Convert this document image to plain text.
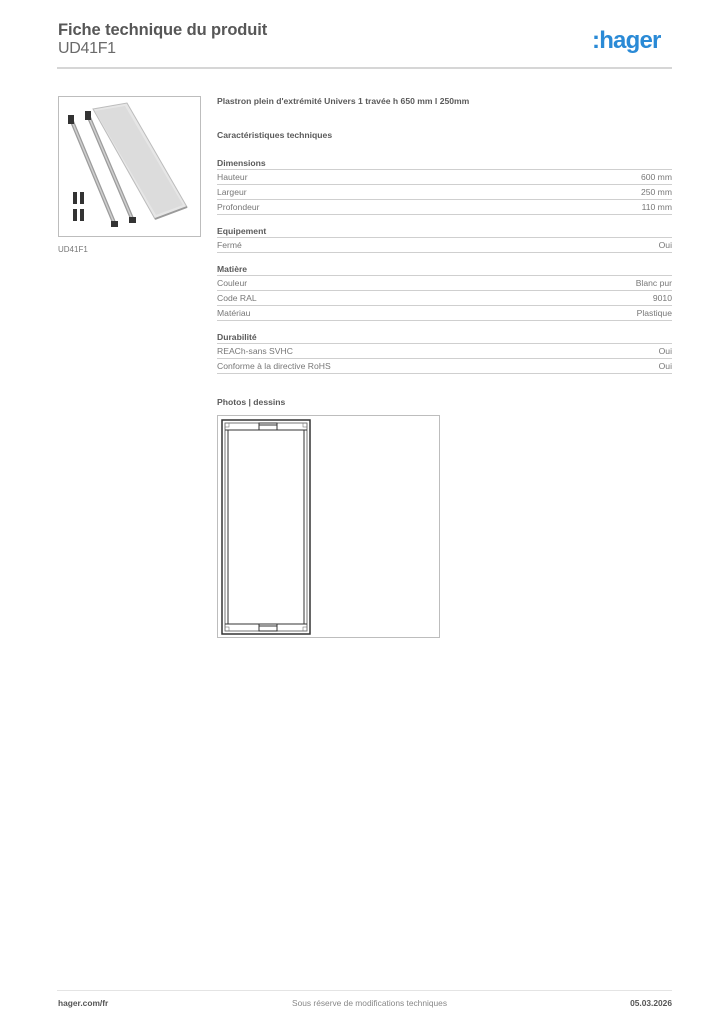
Fiche technique du produit
UD41F1	:hager
UD41F1
Plastron plein d'extrémité Univers 1 travée h 650 mm l 250mm
Caractéristiques techniques
Dimensions
Hauteur	600 mm
Largeur	250 mm
Profondeur	110 mm
Equipement
Fermé	Oui
Matière
Couleur	Blanc pur
Code RAL	9010
Matériau	Plastique
Durabilité
REACh-sans SVHC	Oui
Conforme à la directive RoHS	Oui
Photos | dessins
hager.com/fr	Sous réserve de modifications techniques	05.03.2026
